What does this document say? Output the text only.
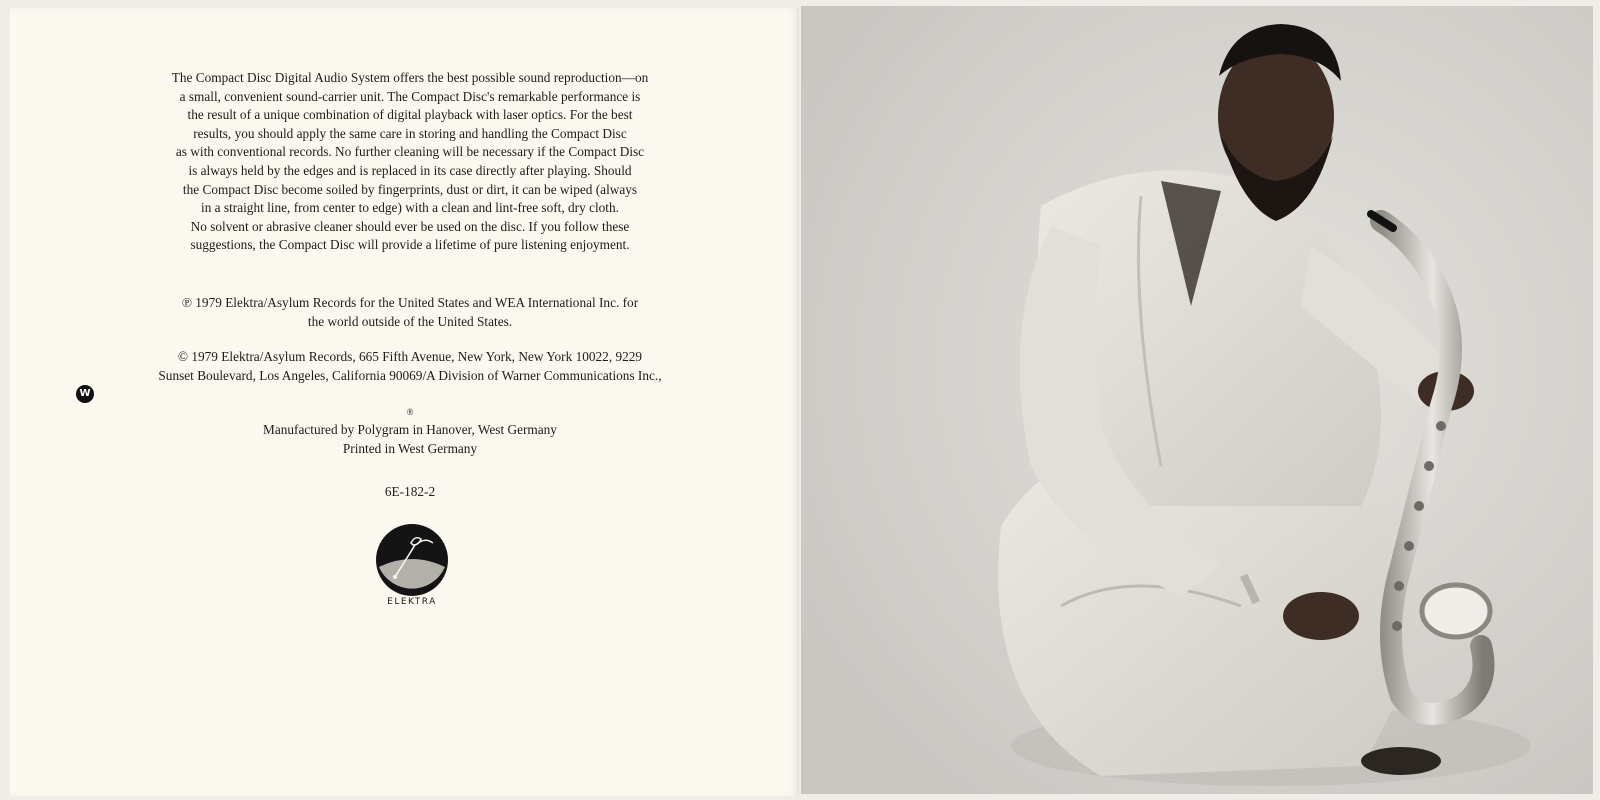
The Compact Disc Digital Audio System offers the best possible sound reproduction—on
a small, convenient sound-carrier unit. The Compact Disc's remarkable performance is
the result of a unique combination of digital playback with laser optics. For the best
results, you should apply the same care in storing and handling the Compact Disc
as with conventional records. No further cleaning will be necessary if the Compact Disc
is always held by the edges and is replaced in its case directly after playing. Should
the Compact Disc become soiled by fingerprints, dust or dirt, it can be wiped (always
in a straight line, from center to edge) with a clean and lint-free soft, dry cloth.
No solvent or abrasive cleaner should ever be used on the disc. If you follow these
suggestions, the Compact Disc will provide a lifetime of pure listening enjoyment.
℗ 1979 Elektra/Asylum Records for the United States and WEA International Inc. for
the world outside of the United States.
© 1979 Elektra/Asylum Records, 665 Fifth Avenue, New York, New York 10022, 9229
Sunset Boulevard, Los Angeles, California 90069/A Division of Warner Communications Inc.,
W
®
Manufactured by Polygram in Hanover, West Germany
Printed in West Germany
6E-182-2
ELEKTRA
